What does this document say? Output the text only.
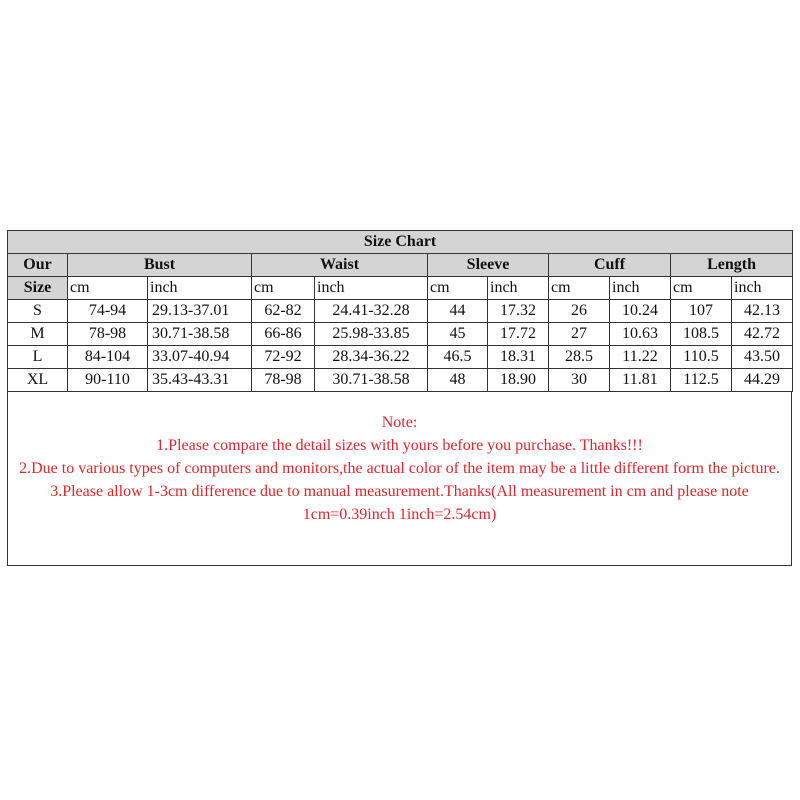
Size Chart										
Our	Bust		Waist		Sleeve		Cuff		Length	
Size	cm	inch	cm	inch	cm	inch	cm	inch	cm	inch
S	74-94	29.13-37.01	62-82	24.41-32.28	44	17.32	26	10.24	107	42.13
M	78-98	30.71-38.58	66-86	25.98-33.85	45	17.72	27	10.63	108.5	42.72
L	84-104	33.07-40.94	72-92	28.34-36.22	46.5	18.31	28.5	11.22	110.5	43.50
XL	90-110	35.43-43.31	78-98	30.71-38.58	48	18.90	30	11.81	112.5	44.29
Note:
1.Please compare the detail sizes with yours before you purchase. Thanks!!!
2.Due to various types of computers and monitors,the actual color of the item may be a little different form the picture.
3.Please allow 1-3cm difference due to manual measurement.Thanks(All measurement in cm and please note 1cm=0.39inch 1inch=2.54cm)
